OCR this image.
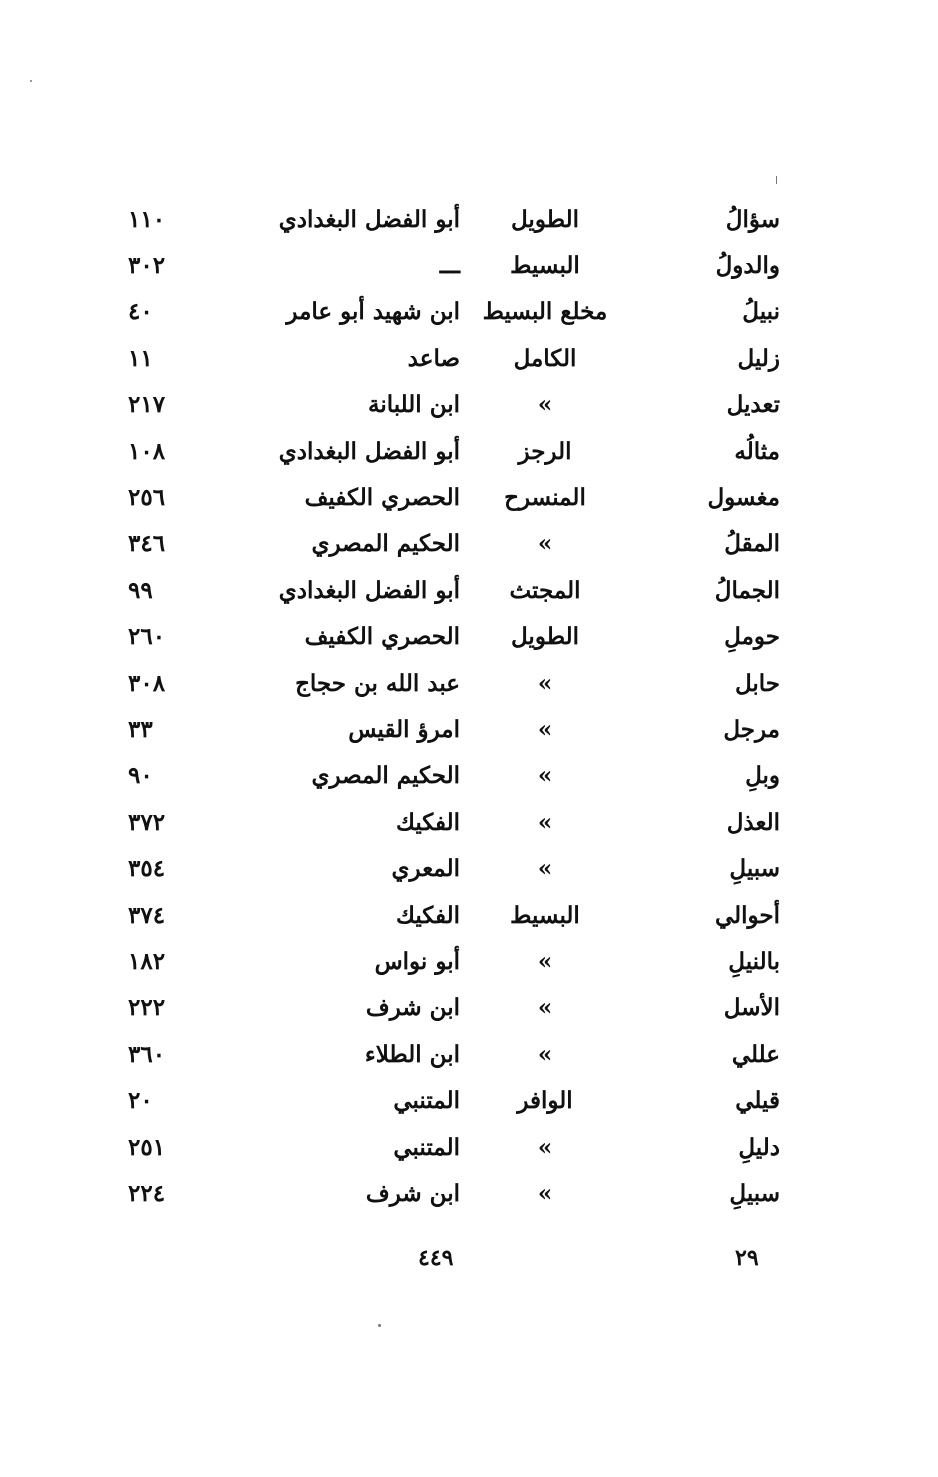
سؤالُ
الطويل
أبو الفضل البغدادي
١١٠
والدولُ
البسيط
ـــ
٣٠٢
نبيلُ
مخلع البسيط
ابن شهيد أبو عامر
٤٠
زليل
الكامل
صاعد
١١
تعديل
»
ابن اللبانة
٢١٧
مثالُه
الرجز
أبو الفضل البغدادي
١٠٨
مغسول
المنسرح
الحصري الكفيف
٢٥٦
المقلُ
»
الحكيم المصري
٣٤٦
الجمالُ
المجتث
أبو الفضل البغدادي
٩٩
حوملِ
الطويل
الحصري الكفيف
٢٦٠
حابل
»
عبد الله بن حجاج
٣٠٨
مرجل
»
امرؤ القيس
٣٣
وبلِ
»
الحكيم المصري
٩٠
العذل
»
الفكيك
٣٧٢
سبيلِ
»
المعري
٣٥٤
أحوالي
البسيط
الفكيك
٣٧٤
بالنيلِ
»
أبو نواس
١٨٢
الأسل
»
ابن شرف
٢٢٢
عللي
»
ابن الطلاء
٣٦٠
قيلي
الوافر
المتنبي
٢٠
دليلِ
»
المتنبي
٢٥١
سبيلِ
»
ابن شرف
٢٢٤
٢٩
٤٤٩
